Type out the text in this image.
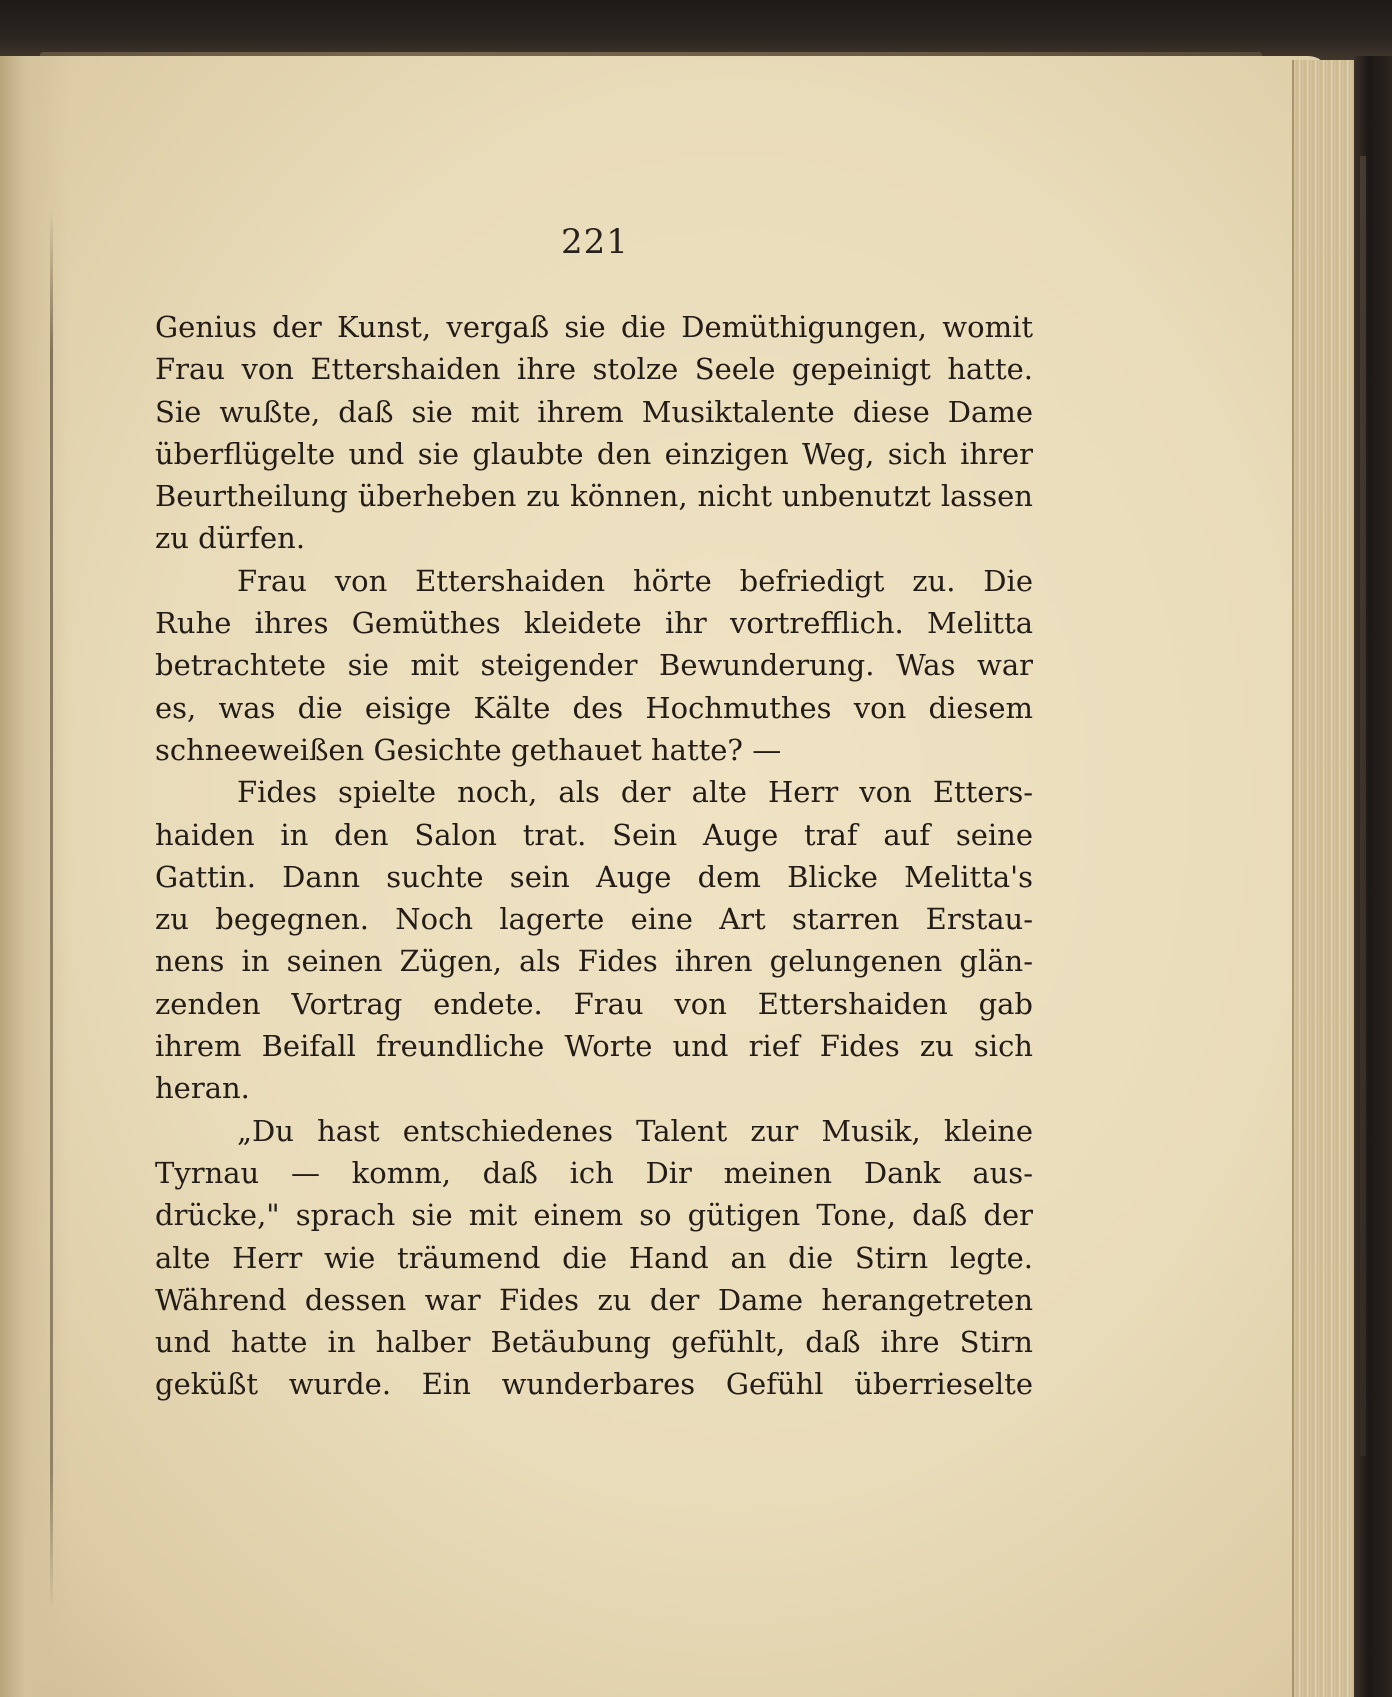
221
Genius der Kunst, vergaß sie die Demüthigungen, womit
Frau von Ettershaiden ihre stolze Seele gepeinigt hatte.
Sie wußte, daß sie mit ihrem Musiktalente diese Dame
überflügelte und sie glaubte den einzigen Weg, sich ihrer
Beurtheilung überheben zu können, nicht unbenutzt lassen
zu dürfen.
Frau von Ettershaiden hörte befriedigt zu. Die
Ruhe ihres Gemüthes kleidete ihr vortrefflich. Melitta
betrachtete sie mit steigender Bewunderung. Was war
es, was die eisige Kälte des Hochmuthes von diesem
schneeweißen Gesichte gethauet hatte? —
Fides spielte noch, als der alte Herr von Etters-
haiden in den Salon trat. Sein Auge traf auf seine
Gattin. Dann suchte sein Auge dem Blicke Melitta's
zu begegnen. Noch lagerte eine Art starren Erstau-
nens in seinen Zügen, als Fides ihren gelungenen glän-
zenden Vortrag endete. Frau von Ettershaiden gab
ihrem Beifall freundliche Worte und rief Fides zu sich
heran.
„Du hast entschiedenes Talent zur Musik, kleine
Tyrnau — komm, daß ich Dir meinen Dank aus-
drücke," sprach sie mit einem so gütigen Tone, daß der
alte Herr wie träumend die Hand an die Stirn legte.
Während dessen war Fides zu der Dame herangetreten
und hatte in halber Betäubung gefühlt, daß ihre Stirn
geküßt wurde. Ein wunderbares Gefühl überrieselte
